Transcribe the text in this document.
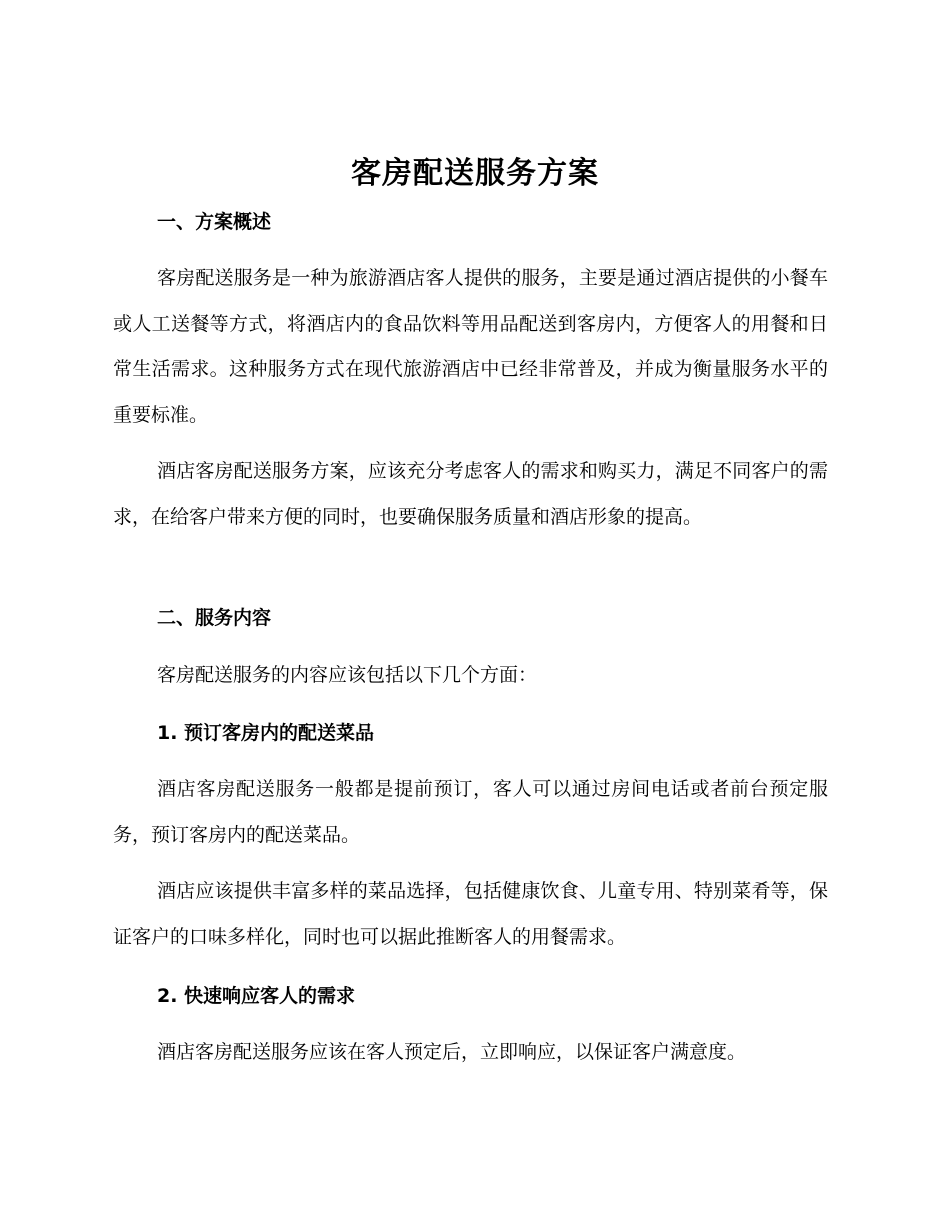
客房配送服务方案
一、方案概述

客房配送服务是一种为旅游酒店客人提供的服务，主要是通过酒店提供的小餐车或人工送餐等方式，将酒店内的食品饮料等用品配送到客房内，方便客人的用餐和日常生活需求。这种服务方式在现代旅游酒店中已经非常普及，并成为衡量服务水平的重要标准。

酒店客房配送服务方案，应该充分考虑客人的需求和购买力，满足不同客户的需求，在给客户带来方便的同时，也要确保服务质量和酒店形象的提高。

二、服务内容

客房配送服务的内容应该包括以下几个方面：

1. 预订客房内的配送菜品

酒店客房配送服务一般都是提前预订，客人可以通过房间电话或者前台预定服务，预订客房内的配送菜品。

酒店应该提供丰富多样的菜品选择，包括健康饮食、儿童专用、特别菜肴等，保证客户的口味多样化，同时也可以据此推断客人的用餐需求。

2. 快速响应客人的需求

酒店客房配送服务应该在客人预定后，立即响应，以保证客户满意度。
